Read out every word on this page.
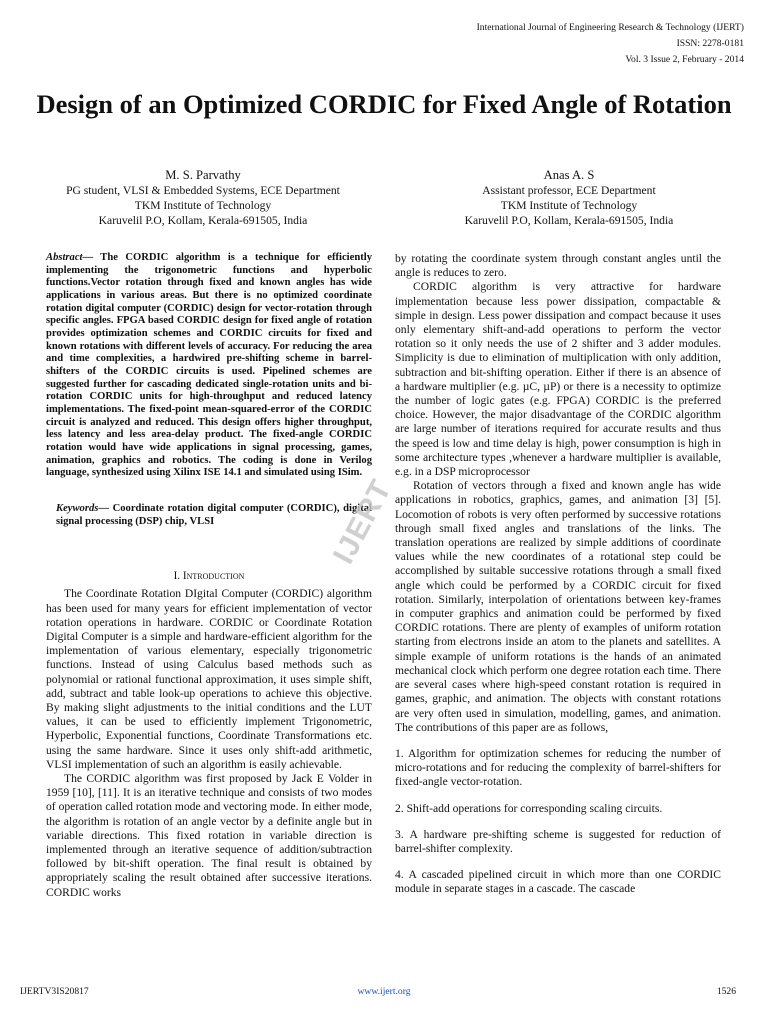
International Journal of Engineering Research & Technology (IJERT)
ISSN: 2278-0181
Vol. 3 Issue 2, February - 2014
Design of an Optimized CORDIC for Fixed Angle of Rotation
M. S. Parvathy
PG student, VLSI & Embedded Systems, ECE Department
TKM Institute of Technology
Karuvelil P.O, Kollam, Kerala-691505, India
Anas A. S
Assistant professor, ECE Department
TKM Institute of Technology
Karuvelil P.O, Kollam, Kerala-691505, India

Abstract— The CORDIC algorithm is a technique for efficiently implementing the trigonometric functions and hyperbolic functions.Vector rotation through fixed and known angles has wide applications in various areas. But there is no optimized coordinate rotation digital computer (CORDIC) design for vector-rotation through specific angles. FPGA based CORDIC design for fixed angle of rotation provides optimization schemes and CORDIC circuits for fixed and known rotations with different levels of accuracy. For reducing the area and time complexities, a hardwired pre-shifting scheme in barrel-shifters of the CORDIC circuits is used. Pipelined schemes are suggested further for cascading dedicated single-rotation units and bi-rotation CORDIC units for high-throughput and reduced latency implementations. The fixed-point mean-squared-error of the CORDIC circuit is analyzed and reduced. This design offers higher throughput, less latency and less area-delay product. The fixed-angle CORDIC rotation would have wide applications in signal processing, games, animation, graphics and robotics. The coding is done in Verilog language, synthesized using Xilinx ISE 14.1 and simulated using ISim.

Keywords— Coordinate rotation digital computer (CORDIC), digital signal processing (DSP) chip, VLSI

I. Introduction

The Coordinate Rotation DIgital Computer (CORDIC) algorithm has been used for many years for efficient implementation of vector rotation operations in hardware. CORDIC or Coordinate Rotation Digital Computer is a simple and hardware-efficient algorithm for the implementation of various elementary, especially trigonometric functions. Instead of using Calculus based methods such as polynomial or rational functional approximation, it uses simple shift, add, subtract and table look-up operations to achieve this objective. By making slight adjustments to the initial conditions and the LUT values, it can be used to efficiently implement Trigonometric, Hyperbolic, Exponential functions, Coordinate Transformations etc. using the same hardware. Since it uses only shift-add arithmetic, VLSI implementation of such an algorithm is easily achievable.

The CORDIC algorithm was first proposed by Jack E Volder in 1959 [10], [11]. It is an iterative technique and consists of two modes of operation called rotation mode and vectoring mode. In either mode, the algorithm is rotation of an angle vector by a definite angle but in variable directions. This fixed rotation in variable direction is implemented through an iterative sequence of addition/subtraction followed by bit-shift operation. The final result is obtained by appropriately scaling the result obtained after successive iterations. CORDIC works

by rotating the coordinate system through constant angles until the angle is reduces to zero.

CORDIC algorithm is very attractive for hardware implementation because less power dissipation, compactable & simple in design. Less power dissipation and compact because it uses only elementary shift-and-add operations to perform the vector rotation so it only needs the use of 2 shifter and 3 adder modules. Simplicity is due to elimination of multiplication with only addition, subtraction and bit-shifting operation. Either if there is an absence of a hardware multiplier (e.g. µC, µP) or there is a necessity to optimize the number of logic gates (e.g. FPGA) CORDIC is the preferred choice. However, the major disadvantage of the CORDIC algorithm are large number of iterations required for accurate results and thus the speed is low and time delay is high, power consumption is high in some architecture types ,whenever a hardware multiplier is available, e.g. in a DSP microprocessor

Rotation of vectors through a fixed and known angle has wide applications in robotics, graphics, games, and animation [3] [5]. Locomotion of robots is very often performed by successive rotations through small fixed angles and translations of the links. The translation operations are realized by simple additions of coordinate values while the new coordinates of a rotational step could be accomplished by suitable successive rotations through a small fixed angle which could be performed by a CORDIC circuit for fixed rotation. Similarly, interpolation of orientations between key-frames in computer graphics and animation could be performed by fixed CORDIC rotations. There are plenty of examples of uniform rotation starting from electrons inside an atom to the planets and satellites. A simple example of uniform rotations is the hands of an animated mechanical clock which perform one degree rotation each time. There are several cases where high-speed constant rotation is required in games, graphic, and animation. The objects with constant rotations are very often used in simulation, modelling, games, and animation. The contributions of this paper are as follows,

1. Algorithm for optimization schemes for reducing the number of micro-rotations and for reducing the complexity of barrel-shifters for fixed-angle vector-rotation.

2. Shift-add operations for corresponding scaling circuits.

3. A hardware pre-shifting scheme is suggested for reduction of barrel-shifter complexity.

4. A cascaded pipelined circuit in which more than one CORDIC module in separate stages in a cascade. The cascade

IJERT
IJERTV3IS20817	www.ijert.org	1526
